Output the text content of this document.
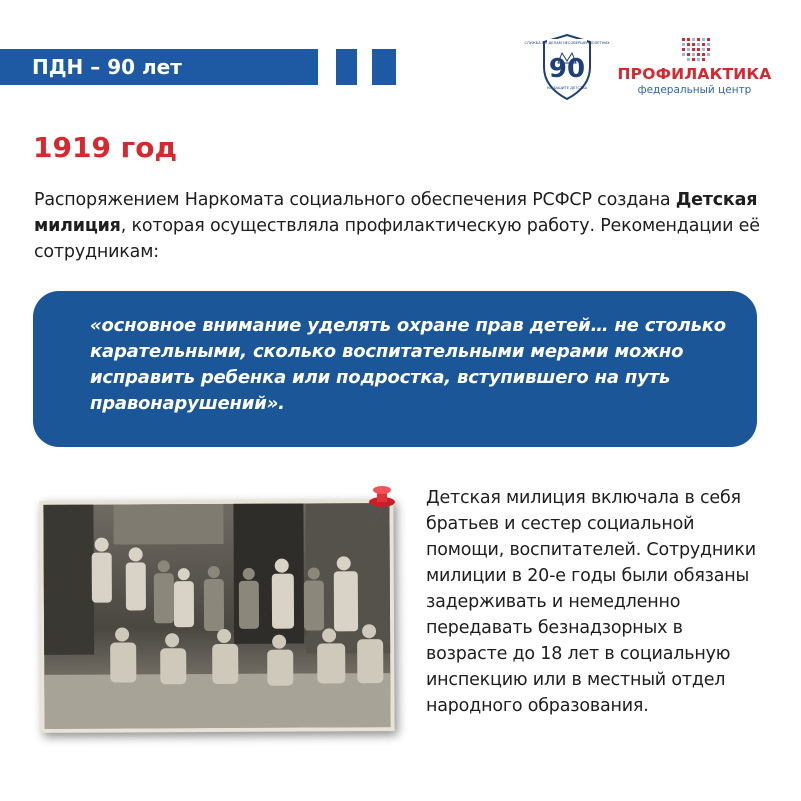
ПДН – 90 лет
СЛУЖБА ПО ДЕЛАМ НЕСОВЕРШЕННОЛЕТНИХ
90
НА ЗАЩИТЕ ДЕТСТВА
ПРОФИЛАКТИКА
федеральный центр
1919 год
Распоряжением Наркомата социального обеспечения РСФСР создана Детская милиция, которая осуществляла профилактическую работу. Рекомендации её сотрудникам:
«основное внимание уделять охране прав детей… не столько карательными, сколько воспитательными мерами можно исправить ребенка или подростка, вступившего на путь правонарушений».
Детская милиция включала в себя братьев и сестер социальной помощи, воспитателей. Сотрудники милиции в 20-е годы были обязаны задерживать и немедленно передавать безнадзорных в возрасте до 18 лет в социальную инспекцию или в местный отдел народного образования.
